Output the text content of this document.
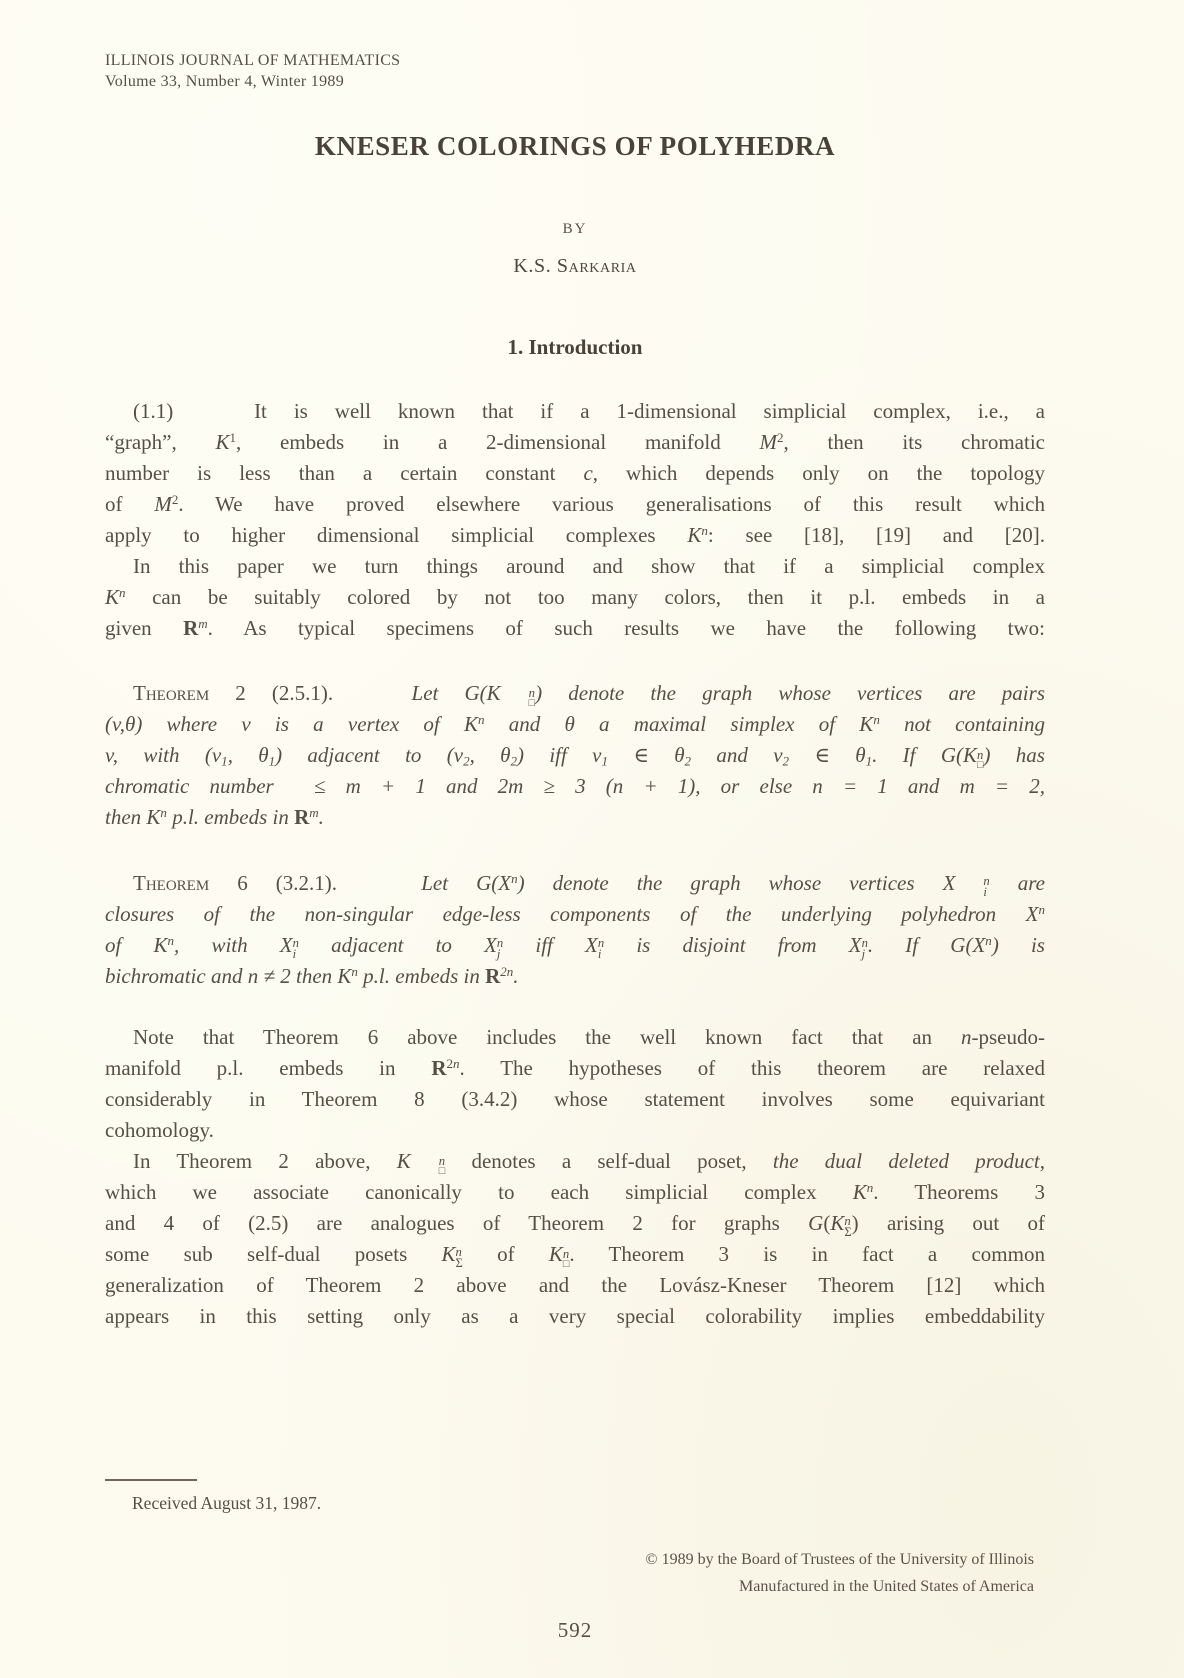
ILLINOIS JOURNAL OF MATHEMATICS
Volume 33, Number 4, Winter 1989
KNESER COLORINGS OF POLYHEDRA
BY
K.S. Sarkaria
1. Introduction
(1.1)   It is well known that if a 1-dimensional simplicial complex, i.e., a
“graph”, $K^1$, embeds in a 2-dimensional manifold $M^2$, then its chromatic
number is less than a certain constant c, which depends only on the topology
of $M^2$. We have proved elsewhere various generalisations of this result which
apply to higher dimensional simplicial complexes $K^n$: see [18], [19] and [20].
In this paper we turn things around and show that if a simplicial complex
$K^n$ can be suitably colored by not too many colors, then it p.l. embeds in a
given $R^m$. As typical specimens of such results we have the following two:
Theorem 2 (2.5.1).   Let G(K	n
□ ) denote the graph whose vertices are pairs
(v,θ) where v is a vertex of $K^n$ and θ a maximal simplex of $K^n$ not containing
v, with ($v_1$, $\theta_1$) adjacent to ($v_2$, $\theta_2$) iff $v_1$ ∈ $\theta_2$ and $v_2$ ∈ $\theta_1$. If G(K n
□ ) has
chromatic number  ≤ m + 1 and 2m ≥ 3 (n + 1), or else n = 1 and m = 2,
then $K^n$ p.l. embeds in $R^m$.
Theorem 6 (3.2.1).   Let $G(X^n)$ denote the graph whose vertices X	n
i are
closures of the non-singular edge-less components of the underlying polyhedron $X^n$
of $K^n$, with X n
i adjacent to X n
j iff X n
i is disjoint from X n
j . If $G(X^n)$ is
bichromatic and n ≠ 2 then $K^n$ p.l. embeds in $R^{2n}$.
Note that Theorem 6 above includes the well known fact that an n-pseudo-
manifold p.l. embeds in $R^{2n}$. The hypotheses of this theorem are relaxed
considerably in Theorem 8 (3.4.2) whose statement involves some equivariant
cohomology.
In Theorem 2 above, K	n
□ denotes a self-dual poset, the dual deleted product,
which we associate canonically to each simplicial complex $K^n$. Theorems 3
and 4 of (2.5) are analogues of Theorem 2 for graphs G(K n
Σ ) arising out of
some sub self-dual posets K n
Σ of K n
□ . Theorem 3 is in fact a common
generalization of Theorem 2 above and the Lovász-Kneser Theorem [12] which
appears in this setting only as a very special colorability implies embeddability
Received August 31, 1987.
© 1989 by the Board of Trustees of the University of Illinois
Manufactured in the United States of America
592
